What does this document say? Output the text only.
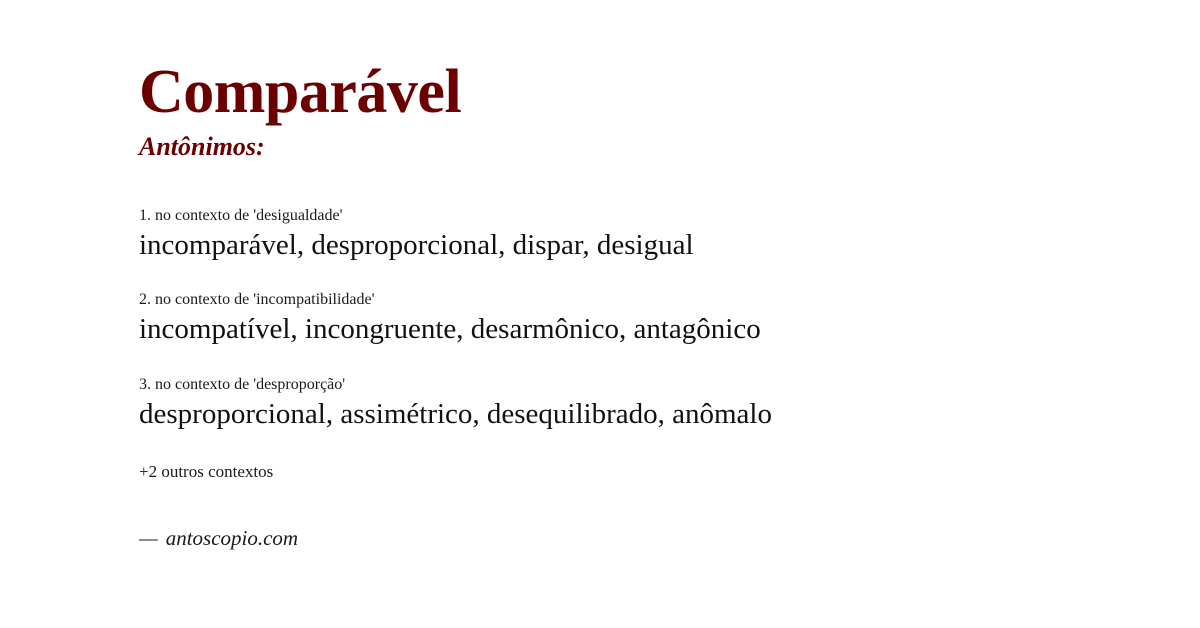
Comparável
Antônimos:
1. no contexto de 'desigualdade'
incomparável, desproporcional, dispar, desigual
2. no contexto de 'incompatibilidade'
incompatível, incongruente, desarmônico, antagônico
3. no contexto de 'desproporção'
desproporcional, assimétrico, desequilibrado, anômalo
+2 outros contextos
— antoscopio.com
